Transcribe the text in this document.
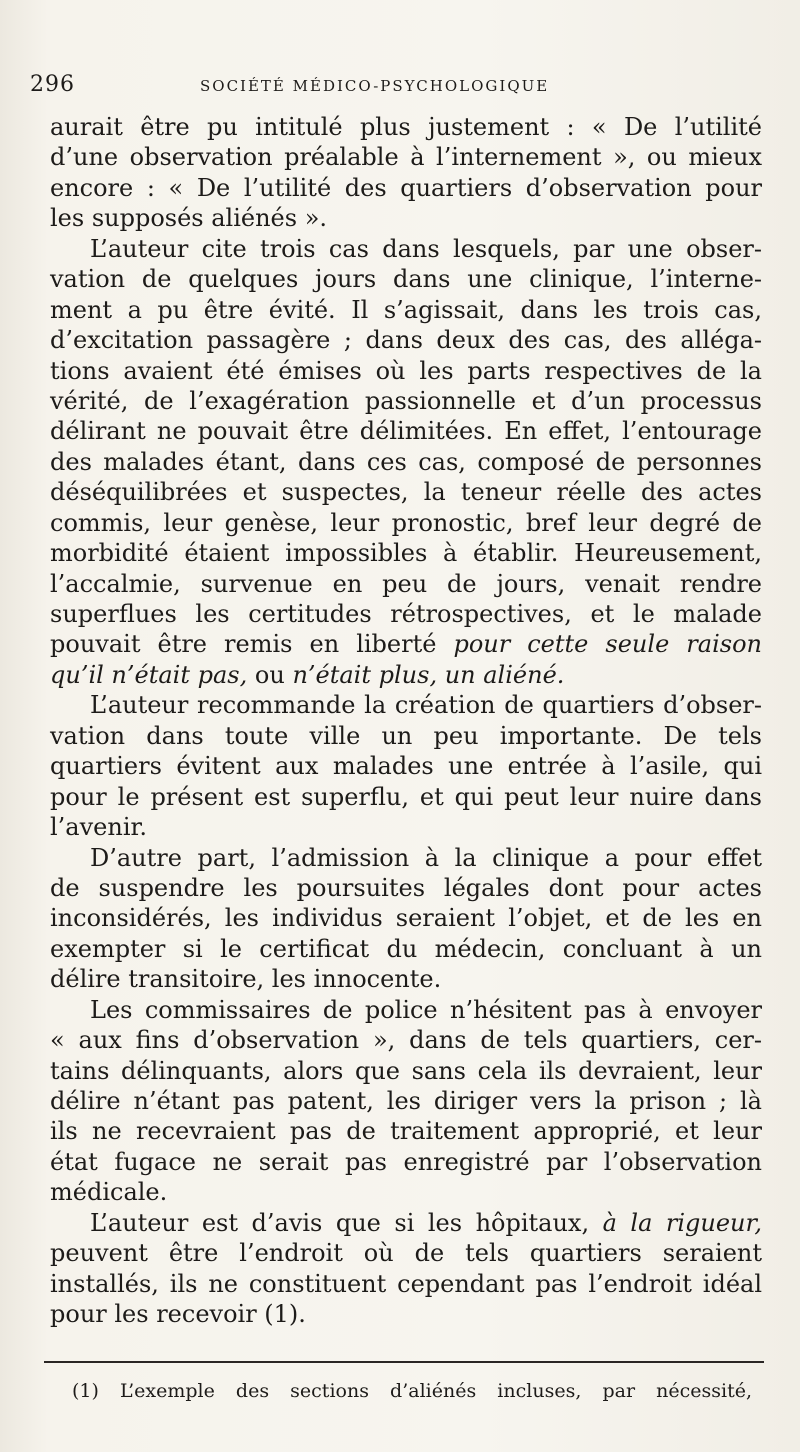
296	SOCIÉTÉ MÉDICO-PSYCHOLOGIQUE
aurait être pu intitulé plus justement : « De l’utilité
d’une observation préalable à l’internement », ou mieux
encore : « De l’utilité des quartiers d’observation pour
les supposés aliénés ».
L’auteur cite trois cas dans lesquels, par une obser-
vation de quelques jours dans une clinique, l’interne-
ment a pu être évité. Il s’agissait, dans les trois cas,
d’excitation passagère ; dans deux des cas, des alléga-
tions avaient été émises où les parts respectives de la
vérité, de l’exagération passionnelle et d’un processus
délirant ne pouvait être délimitées. En effet, l’entourage
des malades étant, dans ces cas, composé de personnes
déséquilibrées et suspectes, la teneur réelle des actes
commis, leur genèse, leur pronostic, bref leur degré de
morbidité étaient impossibles à établir. Heureusement,
l’accalmie, survenue en peu de jours, venait rendre
superflues les certitudes rétrospectives, et le malade
pouvait être remis en liberté pour cette seule raison
qu’il n’était pas, ou n’était plus, un aliéné.
L’auteur recommande la création de quartiers d’obser-
vation dans toute ville un peu importante. De tels
quartiers évitent aux malades une entrée à l’asile, qui
pour le présent est superflu, et qui peut leur nuire dans
l’avenir.
D’autre part, l’admission à la clinique a pour effet
de suspendre les poursuites légales dont pour actes
inconsidérés, les individus seraient l’objet, et de les en
exempter si le certificat du médecin, concluant à un
délire transitoire, les innocente.
Les commissaires de police n’hésitent pas à envoyer
« aux fins d’observation », dans de tels quartiers, cer-
tains délinquants, alors que sans cela ils devraient, leur
délire n’étant pas patent, les diriger vers la prison ; là
ils ne recevraient pas de traitement approprié, et leur
état fugace ne serait pas enregistré par l’observation
médicale.
L’auteur est d’avis que si les hôpitaux, à la rigueur,
peuvent être l’endroit où de tels quartiers seraient
installés, ils ne constituent cependant pas l’endroit idéal
pour les recevoir (1).
(1) L’exemple des sections d’aliénés incluses, par nécessité,
